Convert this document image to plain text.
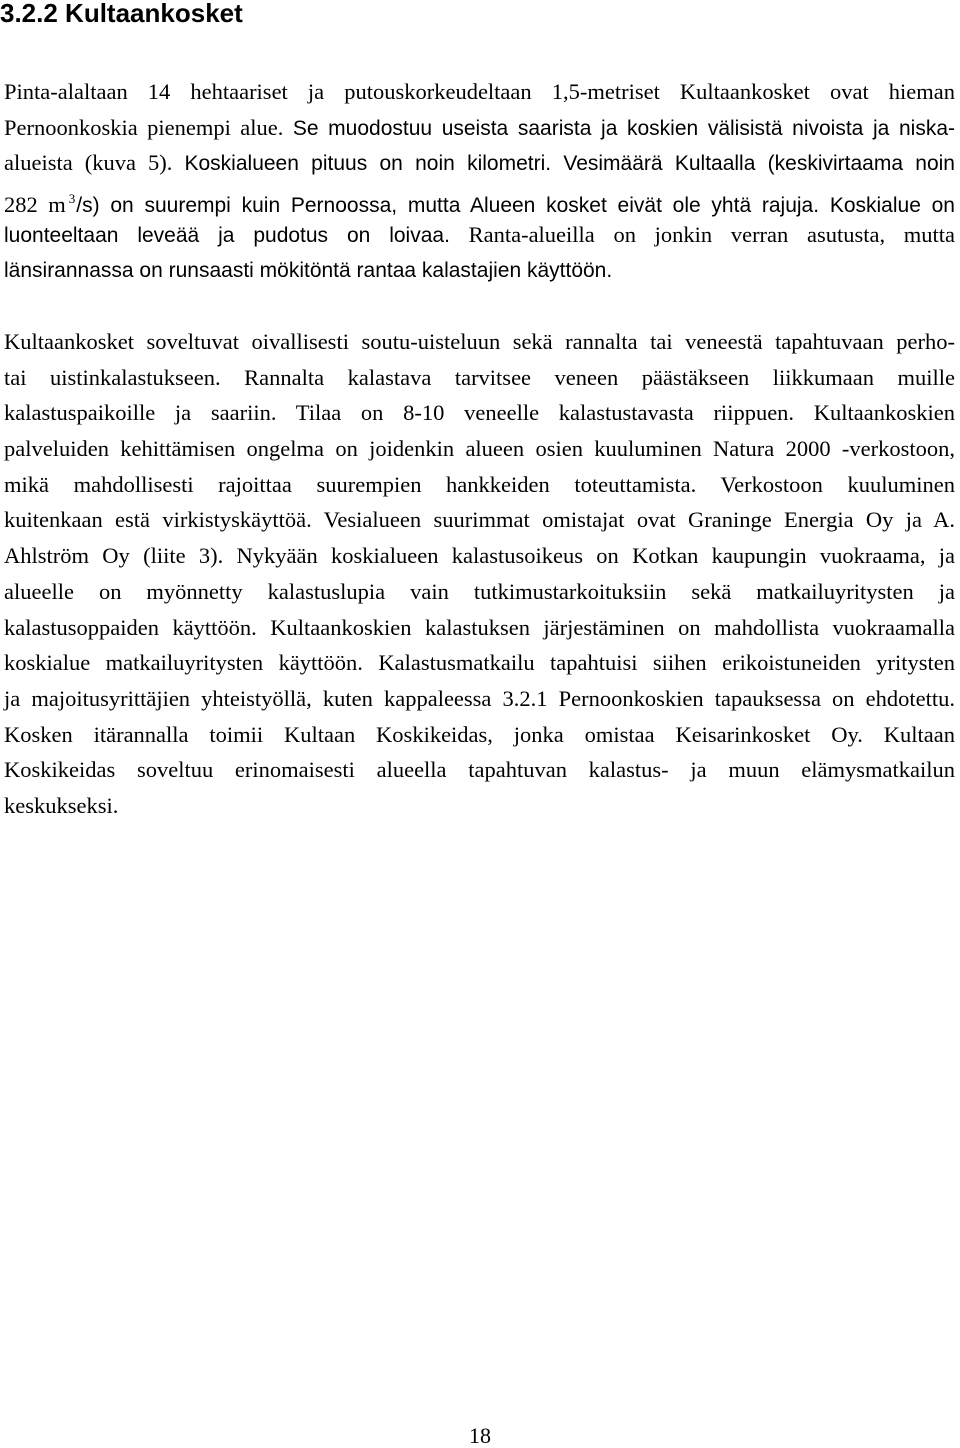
3.2.2 Kultaankosket
Pinta-alaltaan 14 hehtaariset ja putouskorkeudeltaan 1,5-metriset Kultaankosket ovat hieman
Pernoonkoskia pienempi alue. Se muodostuu useista saarista ja koskien välisistä nivoista ja niska-
alueista (kuva 5). Koskialueen pituus on noin kilometri. Vesimäärä Kultaalla (keskivirtaama noin
282 m $^3$/s) on suurempi kuin Pernoossa, mutta Alueen kosket eivät ole yhtä rajuja. Koskialue on
luonteeltaan leveää ja pudotus on loivaa. Ranta-alueilla on jonkin verran asutusta, mutta
länsirannassa on runsaasti mökitöntä rantaa kalastajien käyttöön.
Kultaankosket soveltuvat oivallisesti soutu-uisteluun sekä rannalta tai veneestä tapahtuvaan perho-
tai uistinkalastukseen. Rannalta kalastava tarvitsee veneen päästäkseen liikkumaan muille
kalastuspaikoille ja saariin. Tilaa on 8-10 veneelle kalastustavasta riippuen. Kultaankoskien
palveluiden kehittämisen ongelma on joidenkin alueen osien kuuluminen Natura 2000 -verkostoon,
mikä mahdollisesti rajoittaa suurempien hankkeiden toteuttamista. Verkostoon kuuluminen
kuitenkaan estä virkistyskäyttöä. Vesialueen suurimmat omistajat ovat Graninge Energia Oy ja A.
Ahlström Oy (liite 3). Nykyään koskialueen kalastusoikeus on Kotkan kaupungin vuokraama, ja
alueelle on myönnetty kalastuslupia vain tutkimustarkoituksiin sekä matkailuyritysten ja
kalastusoppaiden käyttöön. Kultaankoskien kalastuksen järjestäminen on mahdollista vuokraamalla
koskialue matkailuyritysten käyttöön. Kalastusmatkailu tapahtuisi siihen erikoistuneiden yritysten
ja majoitusyrittäjien yhteistyöllä, kuten kappaleessa 3.2.1 Pernoonkoskien tapauksessa on ehdotettu.
Kosken itärannalla toimii Kultaan Koskikeidas, jonka omistaa Keisarinkosket Oy. Kultaan
Koskikeidas soveltuu erinomaisesti alueella tapahtuvan kalastus- ja muun elämysmatkailun
keskukseksi.
18
